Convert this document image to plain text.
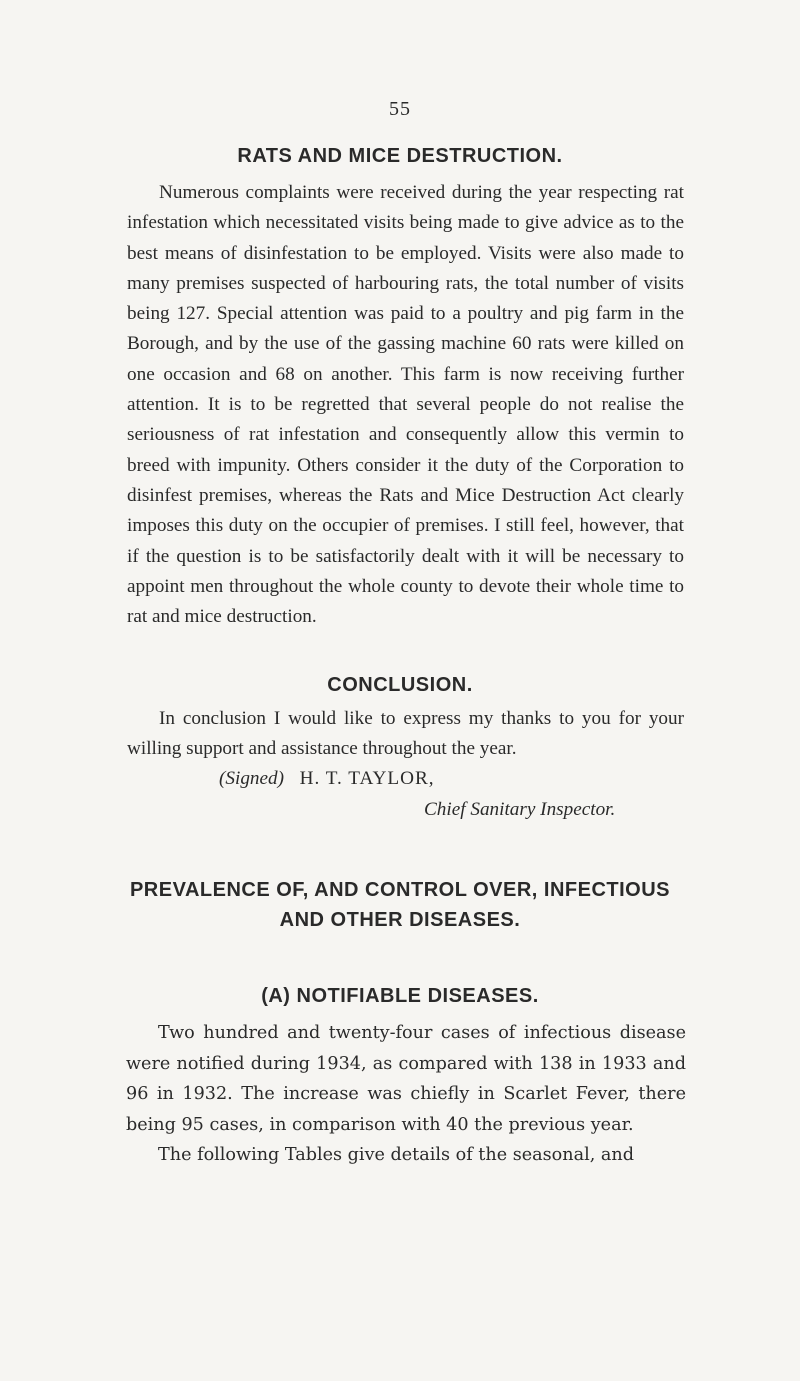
55
RATS AND MICE DESTRUCTION.
Numerous complaints were received during the year respecting rat infestation which necessitated visits being made to give advice as to the best means of disinfestation to be employed. Visits were also made to many premises suspected of harbouring rats, the total number of visits being 127. Special attention was paid to a poultry and pig farm in the Borough, and by the use of the gassing machine 60 rats were killed on one occasion and 68 on another. This farm is now receiving further attention. It is to be regretted that several people do not realise the seriousness of rat infestation and consequently allow this vermin to breed with impunity. Others consider it the duty of the Corporation to disinfest premises, whereas the Rats and Mice Destruction Act clearly imposes this duty on the occupier of premises. I still feel, however, that if the question is to be satisfactorily dealt with it will be necessary to appoint men throughout the whole county to devote their whole time to rat and mice destruction.
CONCLUSION.
In conclusion I would like to express my thanks to you for your willing support and assistance throughout the year.
(Signed) H. T. TAYLOR,
Chief Sanitary Inspector.
PREVALENCE OF, AND CONTROL OVER, INFECTIOUS
AND OTHER DISEASES.
(A) NOTIFIABLE DISEASES.
Two hundred and twenty-four cases of infectious disease were notified during 1934, as compared with 138 in 1933 and 96 in 1932. The increase was chiefly in Scarlet Fever, there being 95 cases, in comparison with 40 the previous year.
The following Tables give details of the seasonal, and
